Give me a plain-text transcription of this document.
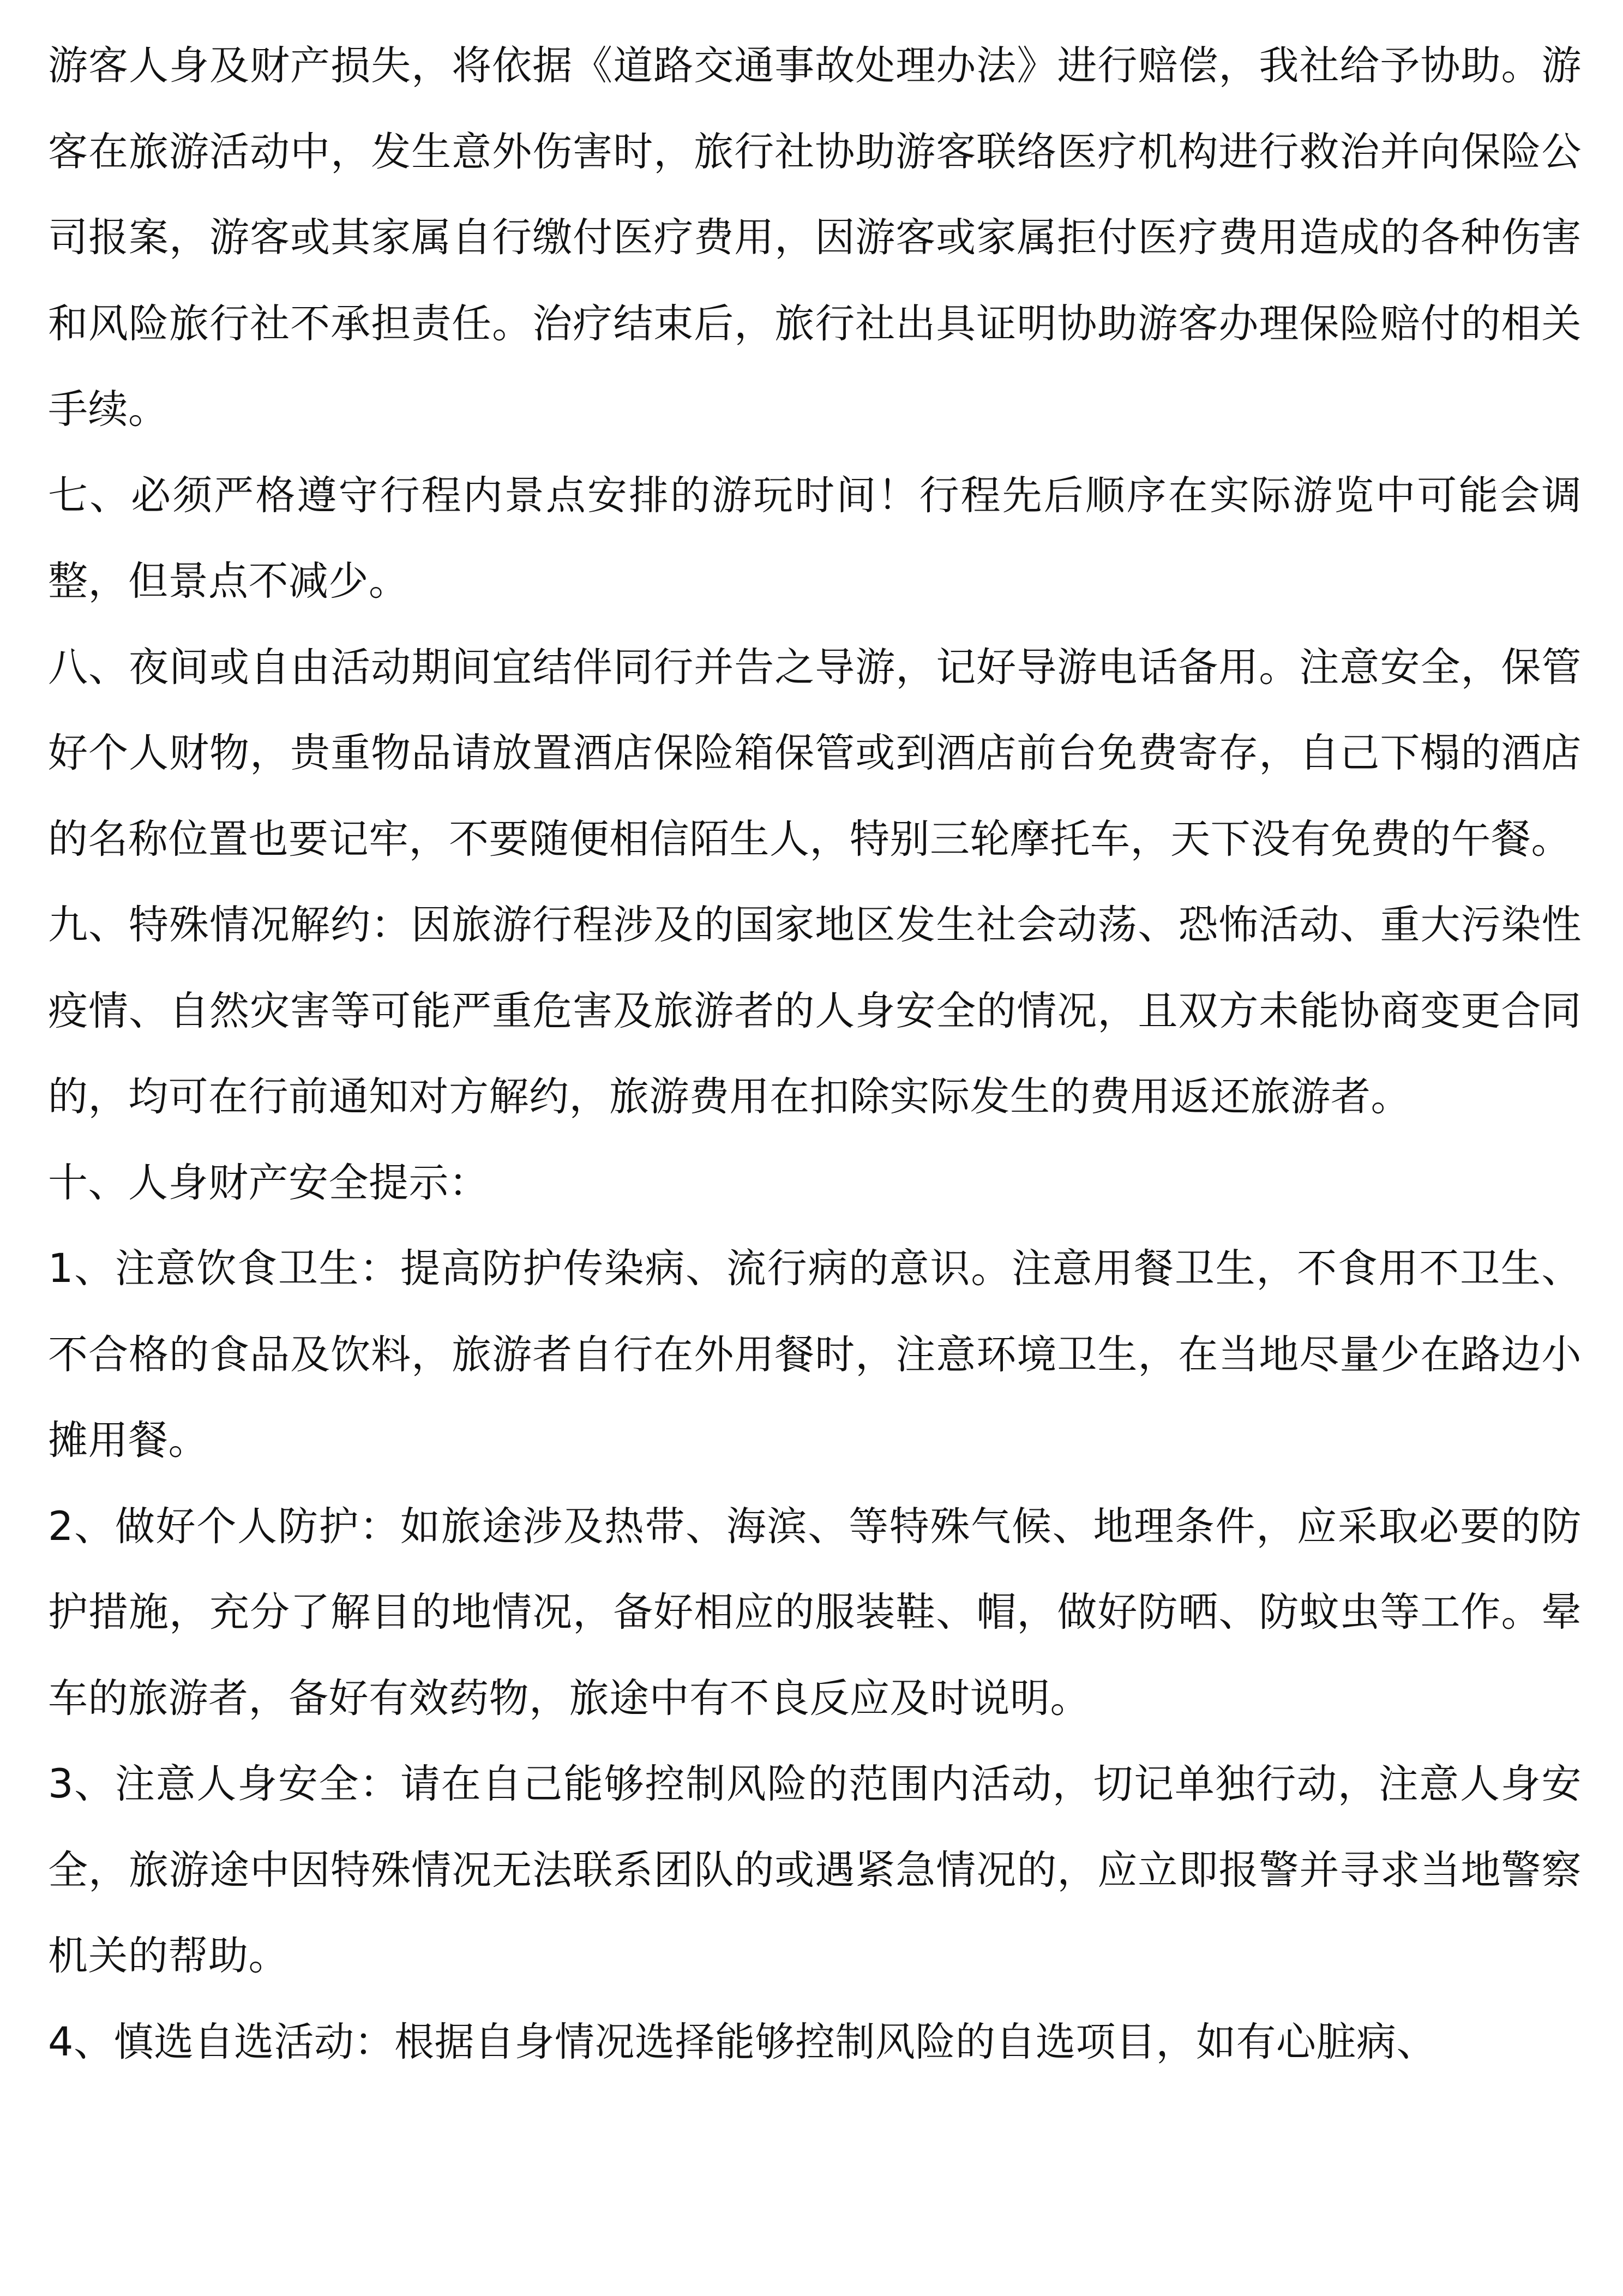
游客人身及财产损失，将依据《道路交通事故处理办法》进行赔偿，我社给予协助。游客在旅游活动中，发生意外伤害时，旅行社协助游客联络医疗机构进行救治并向保险公司报案，游客或其家属自行缴付医疗费用，因游客或家属拒付医疗费用造成的各种伤害和风险旅行社不承担责任。治疗结束后，旅行社出具证明协助游客办理保险赔付的相关手续。

七、必须严格遵守行程内景点安排的游玩时间！行程先后顺序在实际游览中可能会调整，但景点不减少。

八、夜间或自由活动期间宜结伴同行并告之导游，记好导游电话备用。注意安全，保管好个人财物，贵重物品请放置酒店保险箱保管或到酒店前台免费寄存，自己下榻的酒店的名称位置也要记牢，不要随便相信陌生人，特别三轮摩托车，天下没有免费的午餐。

九、特殊情况解约：因旅游行程涉及的国家地区发生社会动荡、恐怖活动、重大污染性疫情、自然灾害等可能严重危害及旅游者的人身安全的情况，且双方未能协商变更合同的，均可在行前通知对方解约，旅游费用在扣除实际发生的费用返还旅游者。

十、人身财产安全提示：

1、注意饮食卫生：提高防护传染病、流行病的意识。注意用餐卫生，不食用不卫生、不合格的食品及饮料，旅游者自行在外用餐时，注意环境卫生，在当地尽量少在路边小摊用餐。

2、做好个人防护：如旅途涉及热带、海滨、等特殊气候、地理条件，应采取必要的防护措施，充分了解目的地情况，备好相应的服装鞋、帽，做好防晒、防蚊虫等工作。晕车的旅游者，备好有效药物，旅途中有不良反应及时说明。

3、注意人身安全：请在自己能够控制风险的范围内活动，切记单独行动，注意人身安全，旅游途中因特殊情况无法联系团队的或遇紧急情况的，应立即报警并寻求当地警察机关的帮助。

4、慎选自选活动：根据自身情况选择能够控制风险的自选项目，如有心脏病、
